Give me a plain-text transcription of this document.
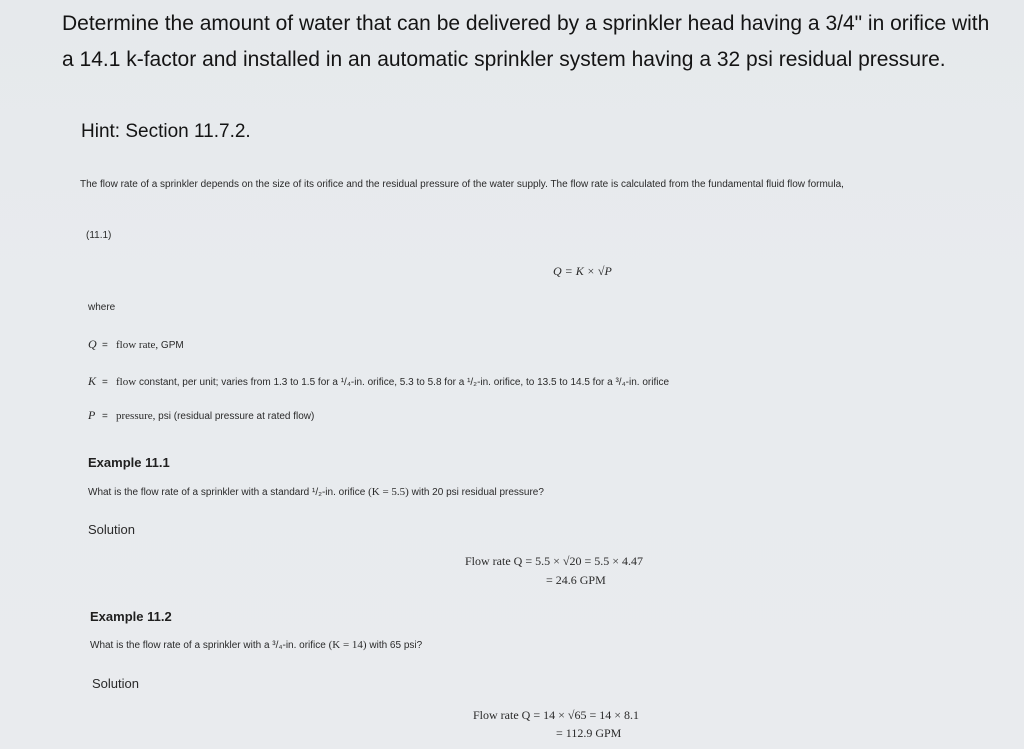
Determine the amount of water that can be delivered by a sprinkler head having a 3/4" in orifice with a 14.1 k-factor and installed in an automatic sprinkler system having a 32 psi residual pressure.
Hint: Section 11.7.2.
The flow rate of a sprinkler depends on the size of its orifice and the residual pressure of the water supply. The flow rate is calculated from the fundamental fluid flow formula,
(11.1)
Q = K × √P
where
Q = flow rate, GPM
K = flow constant, per unit; varies from 1.3 to 1.5 for a ¹/₄-in. orifice, 5.3 to 5.8 for a ¹/₂-in. orifice, to 13.5 to 14.5 for a ³/₄-in. orifice
P = pressure, psi (residual pressure at rated flow)
Example 11.1
What is the flow rate of a sprinkler with a standard ¹/₂-in. orifice (K = 5.5) with 20 psi residual pressure?
Solution
Flow rate Q = 5.5 × √20 = 5.5 × 4.47
= 24.6 GPM
Example 11.2
What is the flow rate of a sprinkler with a ³/₄-in. orifice (K = 14) with 65 psi?
Solution
Flow rate Q = 14 × √65 = 14 × 8.1
= 112.9 GPM
